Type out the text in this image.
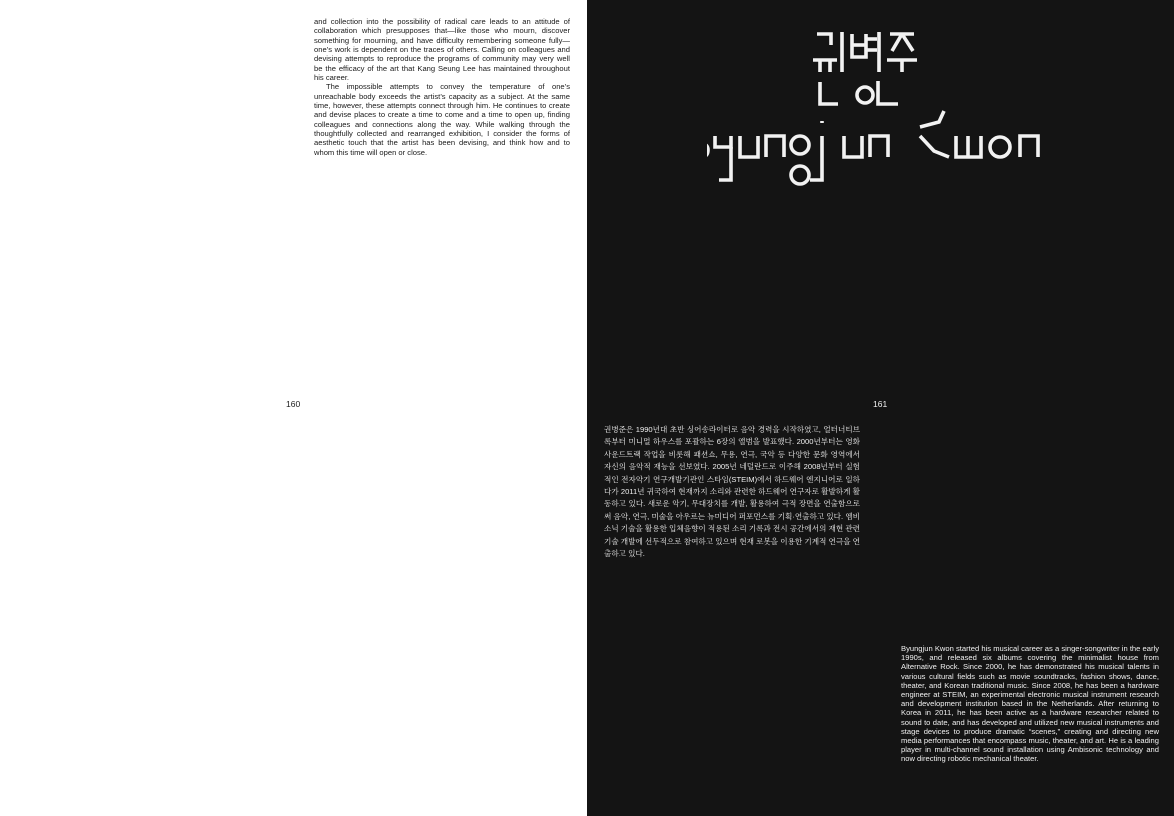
and collection into the possibility of radical care leads to an attitude of collaboration which presupposes that—like those who mourn, discover something for mourning, and have difficulty remembering someone fully—one’s work is dependent on the traces of others. Calling on colleagues and devising attempts to reproduce the programs of community may very well be the efficacy of the art that Kang Seung Lee has maintained throughout his career.

The impossible attempts to convey the temperature of one’s unreachable body exceeds the artist’s capacity as a subject. At the same time, however, these attempts connect through him. He continues to create and devise places to create a time to come and a time to open up, finding colleagues and connections along the way. While walking through the thoughtfully collected and rearranged exhibition, I consider the forms of aesthetic touch that the artist has been devising, and think how and to whom this time will open or close.

160	161
권병준은 1990년대 초반 싱어송라이터로 음악 경력을 시작하였고, 얼터너티브 록부터 미니멀 하우스를 포괄하는 6장의 앨범을 발표했다. 2000년부터는 영화 사운드트랙 작업을 비롯해 패션쇼, 무용, 연극, 국악 등 다양한 문화 영역에서 자신의 음악적 재능을 선보였다. 2005년 네덜란드로 이주해 2008년부터 실험적인 전자악기 연구개발기관인 스타임(STEIM)에서 하드웨어 엔지니어로 일하다가 2011년 귀국하여 현재까지 소리와 관련한 하드웨어 연구자로 활발하게 활동하고 있다. 새로운 악기, 무대장치를 개발, 활용하여 극적 장면을 연출함으로써 음악, 연극, 미술을 아우르는 뉴미디어 퍼포먼스를 기획·연출하고 있다. 엠비소닉 기술을 활용한 입체음향이 적용된 소리 기록과 전시 공간에서의 재현 관련 기술 개발에 선두적으로 참여하고 있으며 현재 로봇을 이용한 기계적 연극을 연출하고 있다.
Byungjun Kwon started his musical career as a singer-songwriter in the early 1990s, and released six albums covering the minimalist house from Alternative Rock. Since 2000, he has demonstrated his musical talents in various cultural fields such as movie soundtracks, fashion shows, dance, theater, and Korean traditional music. Since 2008, he has been a hardware engineer at STEIM, an experimental electronic musical instrument research and development institution based in the Netherlands. After returning to Korea in 2011, he has been active as a hardware researcher related to sound to date, and has developed and utilized new musical instruments and stage devices to produce dramatic “scenes,” creating and directing new media performances that encompass music, theater, and art. He is a leading player in multi-channel sound installation using Ambisonic technology and now directing robotic mechanical theater.
